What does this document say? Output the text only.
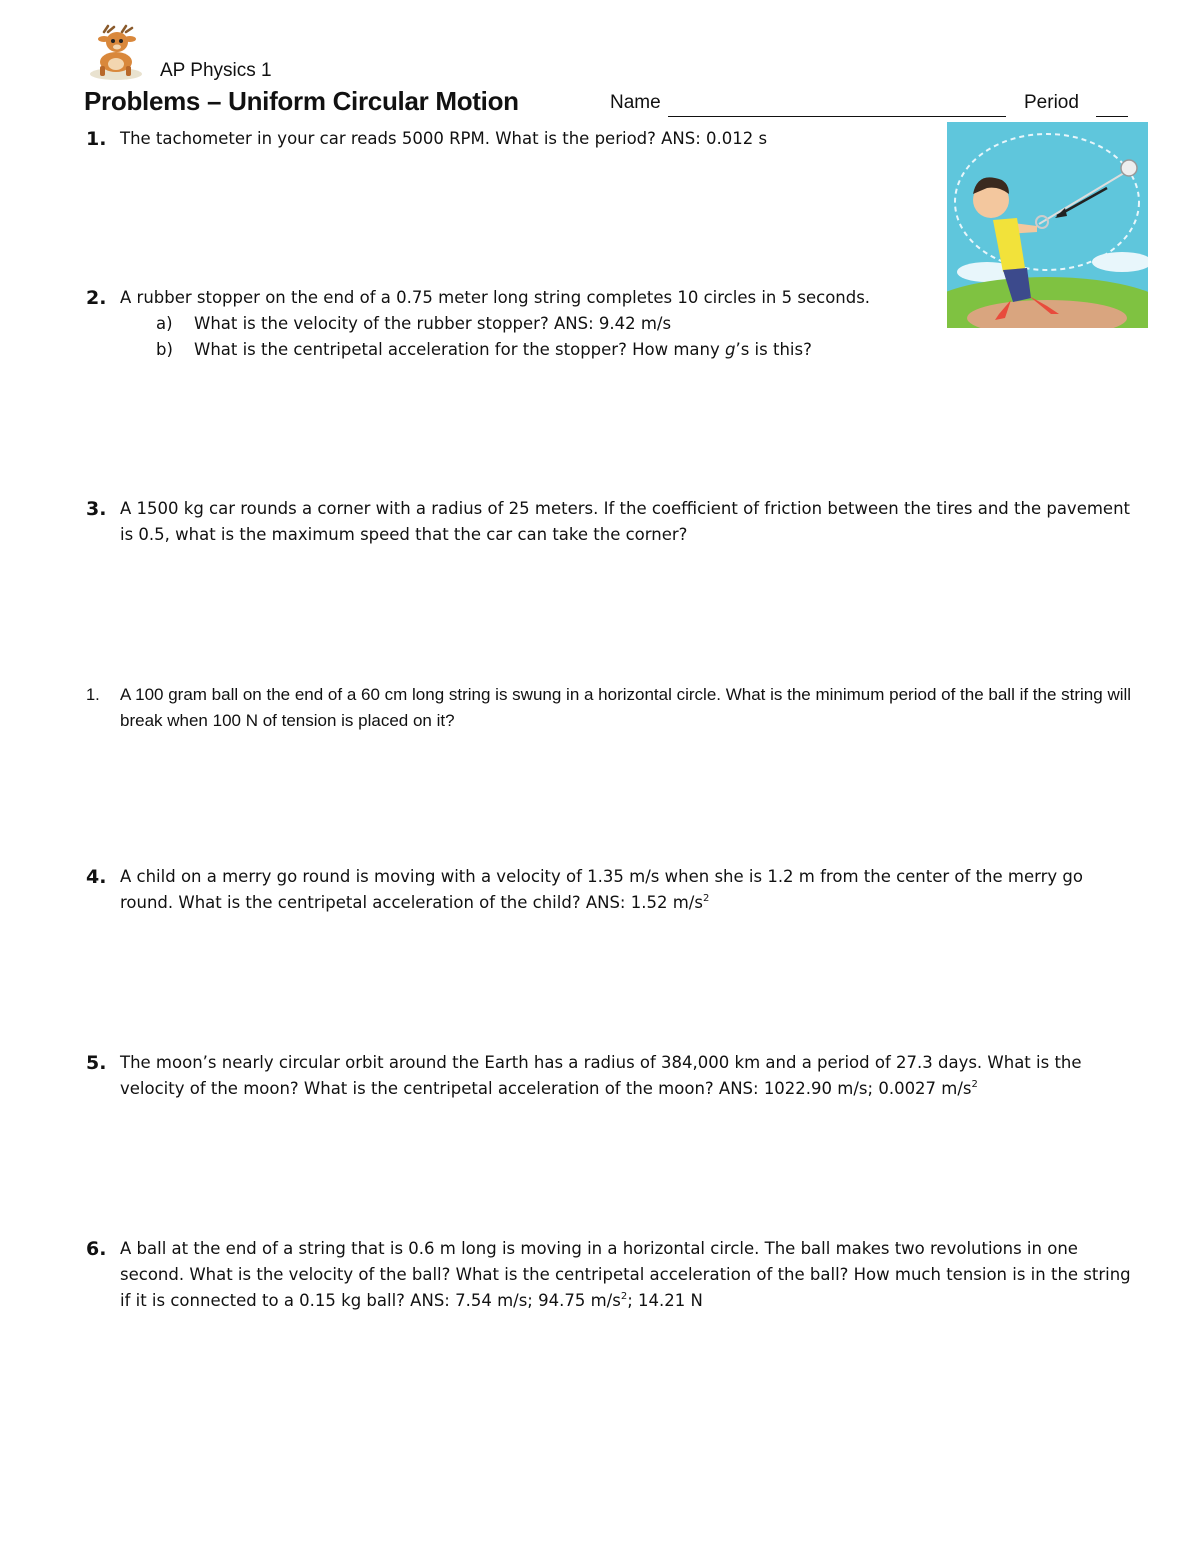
AP Physics 1
Problems – Uniform Circular Motion	Name	Period
1. The tachometer in your car reads 5000 RPM. What is the period? ANS: 0.012 s
2. A rubber stopper on the end of a 0.75 meter long string completes 10 circles in 5 seconds.
a) What is the velocity of the rubber stopper? ANS: 9.42 m/s
b) What is the centripetal acceleration for the stopper? How many g’s is this?
3. A 1500 kg car rounds a corner with a radius of 25 meters. If the coefficient of friction between the tires and the pavement is 0.5, what is the maximum speed that the car can take the corner?
1. A 100 gram ball on the end of a 60 cm long string is swung in a horizontal circle. What is the minimum period of the ball if the string will break when 100 N of tension is placed on it?
4. A child on a merry go round is moving with a velocity of 1.35 m/s when she is 1.2 m from the center of the merry go round. What is the centripetal acceleration of the child? ANS: 1.52 $m/s^2$
5. The moon’s nearly circular orbit around the Earth has a radius of 384,000 km and a period of 27.3 days. What is the velocity of the moon? What is the centripetal acceleration of the moon? ANS: 1022.90 m/s; 0.0027 $m/s^2$
6. A ball at the end of a string that is 0.6 m long is moving in a horizontal circle. The ball makes two revolutions in one second. What is the velocity of the ball? What is the centripetal acceleration of the ball? How much tension is in the string if it is connected to a 0.15 kg ball? ANS: 7.54 m/s; 94.75 $m/s^2$; 14.21 N
